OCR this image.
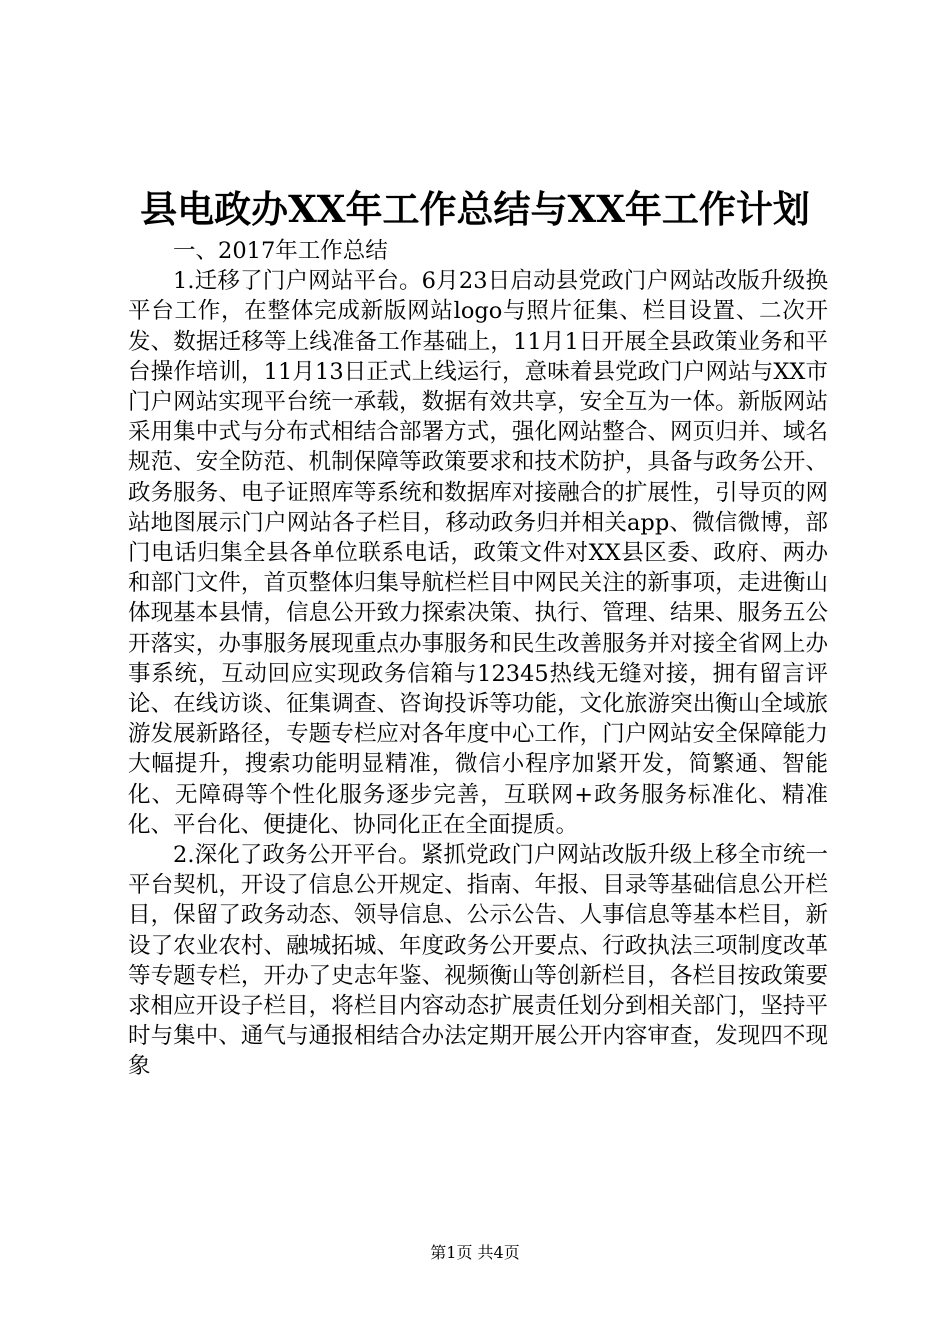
县电政办XX年工作总结与XX年工作计划

一、2017年工作总结

1.迁移了门户网站平台。6月23日启动县党政门户网站改版升级换平台工作，在整体完成新版网站logo与照片征集、栏目设置、二次开发、数据迁移等上线准备工作基础上，11月1日开展全县政策业务和平台操作培训，11月13日正式上线运行，意味着县党政门户网站与XX市门户网站实现平台统一承载，数据有效共享，安全互为一体。新版网站采用集中式与分布式相结合部署方式，强化网站整合、网页归并、域名规范、安全防范、机制保障等政策要求和技术防护，具备与政务公开、政务服务、电子证照库等系统和数据库对接融合的扩展性，引导页的网站地图展示门户网站各子栏目，移动政务归并相关app、微信微博，部门电话归集全县各单位联系电话，政策文件对XX县区委、政府、两办和部门文件，首页整体归集导航栏栏目中网民关注的新事项，走进衡山体现基本县情，信息公开致力探索决策、执行、管理、结果、服务五公开落实，办事服务展现重点办事服务和民生改善服务并对接全省网上办事系统，互动回应实现政务信箱与12345热线无缝对接，拥有留言评论、在线访谈、征集调查、咨询投诉等功能，文化旅游突出衡山全域旅游发展新路径，专题专栏应对各年度中心工作，门户网站安全保障能力大幅提升，搜索功能明显精准，微信小程序加紧开发，简繁通、智能化、无障碍等个性化服务逐步完善，互联网+政务服务标准化、精准化、平台化、便捷化、协同化正在全面提质。

2.深化了政务公开平台。紧抓党政门户网站改版升级上移全市统一平台契机，开设了信息公开规定、指南、年报、目录等基础信息公开栏目，保留了政务动态、领导信息、公示公告、人事信息等基本栏目，新设了农业农村、融城拓城、年度政务公开要点、行政执法三项制度改革等专题专栏，开办了史志年鉴、视频衡山等创新栏目，各栏目按政策要求相应开设子栏目，将栏目内容动态扩展责任划分到相关部门，坚持平时与集中、通气与通报相结合办法定期开展公开内容审查，发现四不现象

第1页 共4页
